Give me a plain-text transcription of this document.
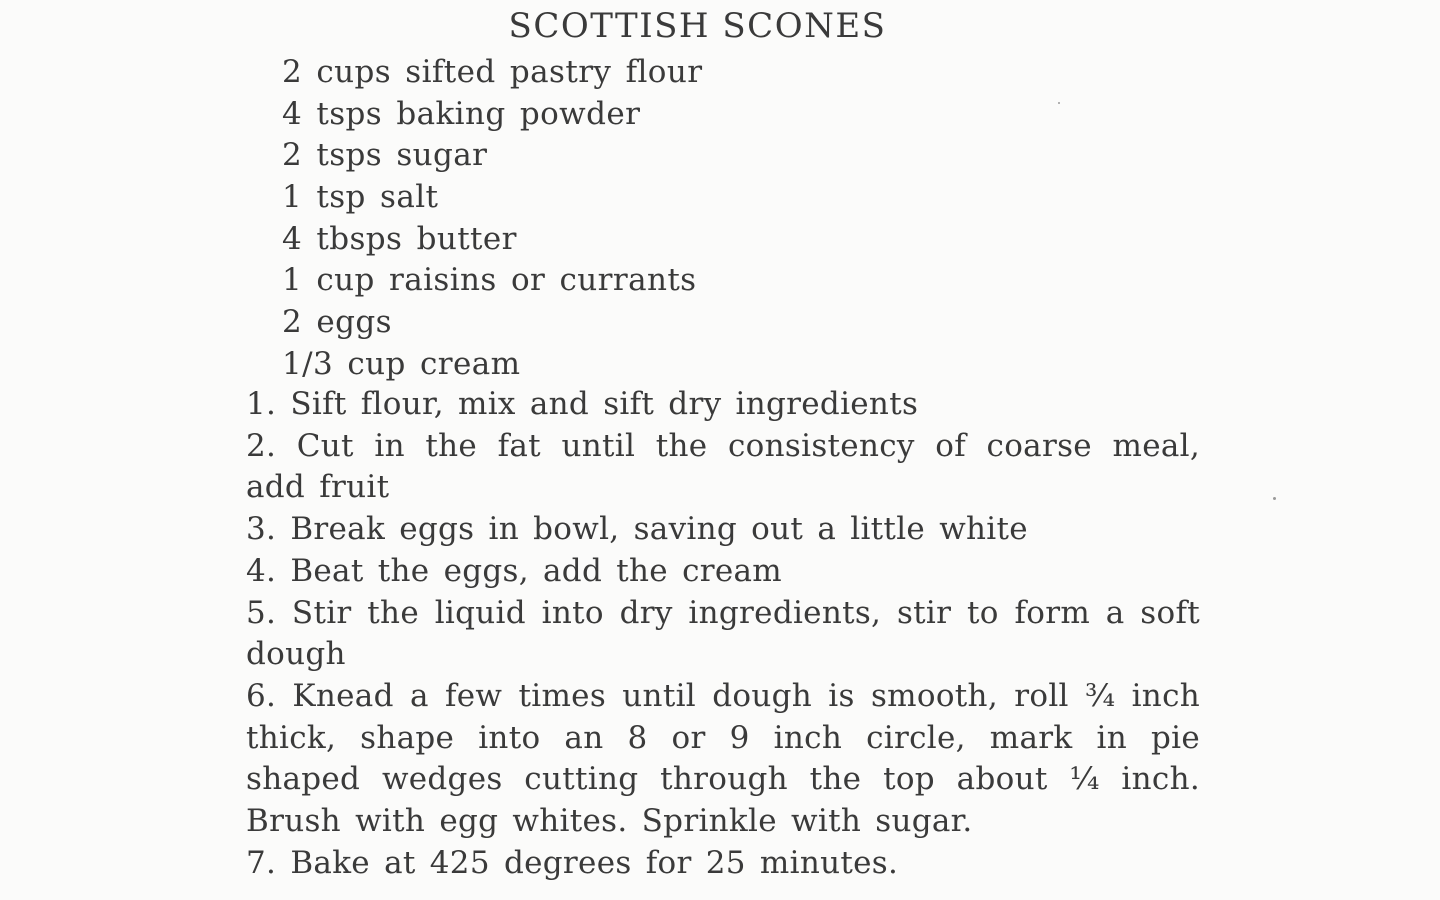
SCOTTISH SCONES
2 cups sifted pastry flour
4 tsps baking powder
2 tsps sugar
1 tsp salt
4 tbsps butter
1 cup raisins or currants
2 eggs
1/3 cup cream
1. Sift flour, mix and sift dry ingredients
2. Cut in the fat until the consistency of coarse meal, add fruit
3. Break eggs in bowl, saving out a little white
4. Beat the eggs, add the cream
5. Stir the liquid into dry ingredients, stir to form a soft dough
6. Knead a few times until dough is smooth, roll ¾ inch thick, shape into an 8 or 9 inch circle, mark in pie shaped wedges cutting through the top about ¼ inch. Brush with egg whites. Sprinkle with sugar.
7. Bake at 425 degrees for 25 minutes.
